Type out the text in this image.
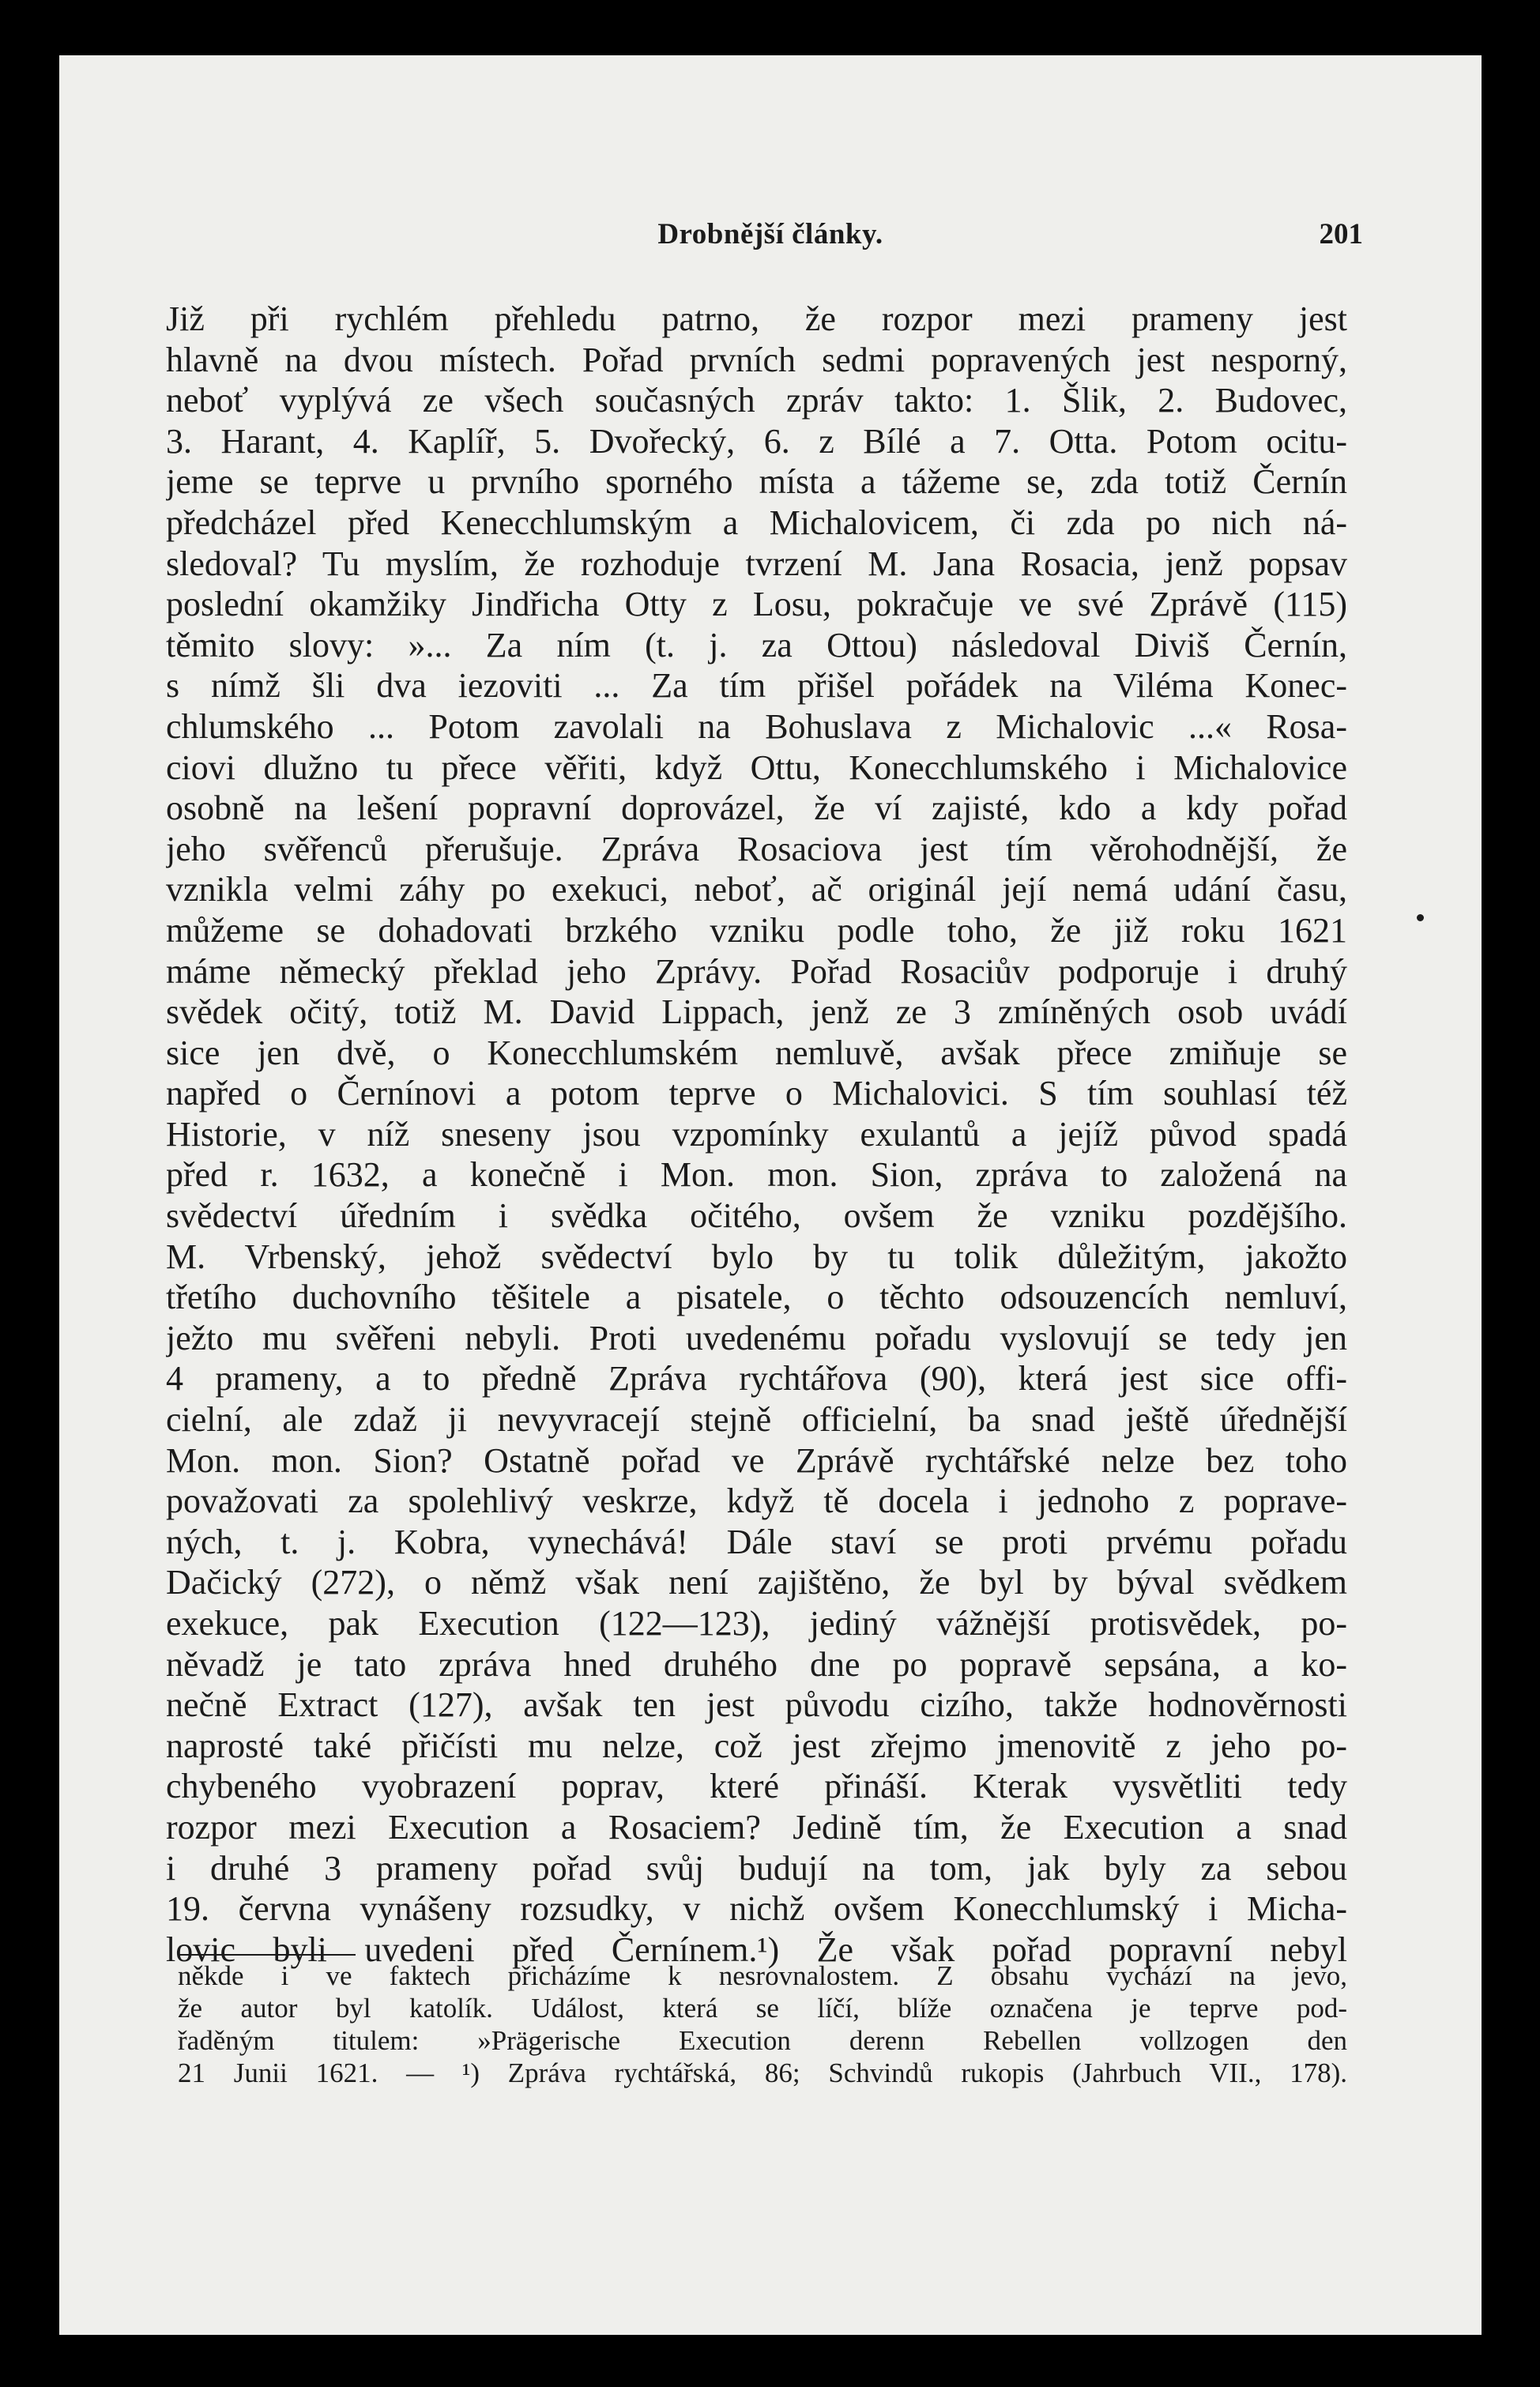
Drobnější články.	201
Již při rychlém přehledu patrno, že rozpor mezi prameny jest
hlavně na dvou místech. Pořad prvních sedmi popravených jest nesporný,
neboť vyplývá ze všech současných zpráv takto: 1. Šlik, 2. Budovec,
3. Harant, 4. Kaplíř, 5. Dvořecký, 6. z Bílé a 7. Otta. Potom ocitu-
jeme se teprve u prvního sporného místa a tážeme se, zda totiž Černín
předcházel před Kenecchlumským a Michalovicem, či zda po nich ná-
sledoval? Tu myslím, že rozhoduje tvrzení M. Jana Rosacia, jenž popsav
poslední okamžiky Jindřicha Otty z Losu, pokračuje ve své Zprávě (115)
těmito slovy: »... Za ním (t. j. za Ottou) následoval Diviš Černín,
s nímž šli dva iezoviti ... Za tím přišel pořádek na Viléma Konec-
chlumského ... Potom zavolali na Bohuslava z Michalovic ...« Rosa-
ciovi dlužno tu přece věřiti, když Ottu, Konecchlumského i Michalovice
osobně na lešení popravní doprovázel, že ví zajisté, kdo a kdy pořad
jeho svěřenců přerušuje. Zpráva Rosaciova jest tím věrohodnější, že
vznikla velmi záhy po exekuci, neboť, ač originál její nemá udání času,
můžeme se dohadovati brzkého vzniku podle toho, že již roku 1621
máme německý překlad jeho Zprávy. Pořad Rosaciův podporuje i druhý
svědek očitý, totiž M. David Lippach, jenž ze 3 zmíněných osob uvádí
sice jen dvě, o Konecchlumském nemluvě, avšak přece zmiňuje se
napřed o Černínovi a potom teprve o Michalovici. S tím souhlasí též
Historie, v níž sneseny jsou vzpomínky exulantů a jejíž původ spadá
před r. 1632, a konečně i Mon. mon. Sion, zpráva to založená na
svědectví úředním i svědka očitého, ovšem že vzniku pozdějšího.
M. Vrbenský, jehož svědectví bylo by tu tolik důležitým, jakožto
třetího duchovního těšitele a pisatele, o těchto odsouzencích nemluví,
ježto mu svěřeni nebyli. Proti uvedenému pořadu vyslovují se tedy jen
4 prameny, a to předně Zpráva rychtářova (90), která jest sice offi-
cielní, ale zdaž ji nevyvracejí stejně officielní, ba snad ještě úřednější
Mon. mon. Sion? Ostatně pořad ve Zprávě rychtářské nelze bez toho
považovati za spolehlivý veskrze, když tě docela i jednoho z poprave-
ných, t. j. Kobra, vynechává! Dále staví se proti prvému pořadu
Dačický (272), o němž však není zajištěno, že byl by býval svědkem
exekuce, pak Execution (122—123), jediný vážnější protisvědek, po-
něvadž je tato zpráva hned druhého dne po popravě sepsána, a ko-
nečně Extract (127), avšak ten jest původu cizího, takže hodnověrnosti
naprosté také přičísti mu nelze, což jest zřejmo jmenovitě z jeho po-
chybeného vyobrazení poprav, které přináší. Kterak vysvětliti tedy
rozpor mezi Execution a Rosaciem? Jedině tím, že Execution a snad
i druhé 3 prameny pořad svůj budují na tom, jak byly za sebou
19. června vynášeny rozsudky, v nichž ovšem Konecchlumský i Micha-
lovic byli uvedeni před Černínem.¹) Že však pořad popravní nebyl
někde i ve faktech přicházíme k nesrovnalostem. Z obsahu vychází na jevo,
že autor byl katolík. Událost, která se líčí, blíže označena je teprve pod-
řaděným titulem: »Prägerische Execution derenn Rebellen vollzogen den
21 Junii 1621. — ¹) Zpráva rychtářská, 86; Schvindů rukopis (Jahrbuch VII., 178).
